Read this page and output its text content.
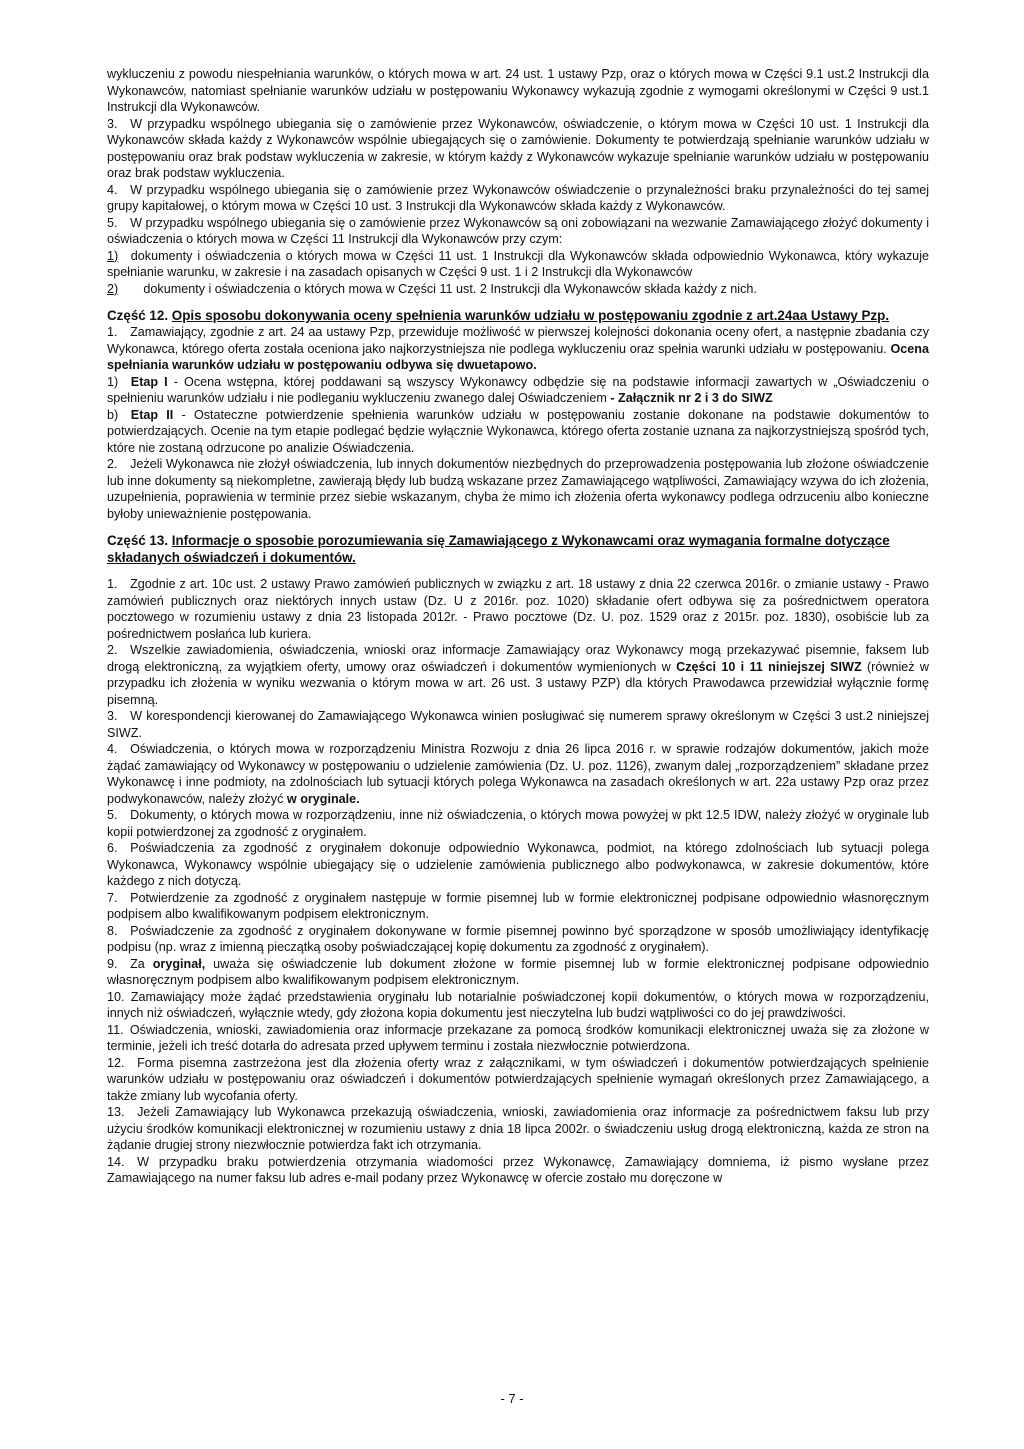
wykluczeniu z powodu niespełniania warunków, o których mowa w art. 24 ust. 1 ustawy Pzp, oraz o których mowa w Części 9.1 ust.2 Instrukcji dla Wykonawców, natomiast spełnianie warunków udziału w postępowaniu Wykonawcy wykazują zgodnie z wymogami określonymi w Części 9 ust.1 Instrukcji dla Wykonawców.

3. W przypadku wspólnego ubiegania się o zamówienie przez Wykonawców, oświadczenie, o którym mowa w Części 10 ust. 1 Instrukcji dla Wykonawców składa każdy z Wykonawców wspólnie ubiegających się o zamówienie. Dokumenty te potwierdzają spełnianie warunków udziału w postępowaniu oraz brak podstaw wykluczenia w zakresie, w którym każdy z Wykonawców wykazuje spełnianie warunków udziału w postępowaniu oraz brak podstaw wykluczenia.

4. W przypadku wspólnego ubiegania się o zamówienie przez Wykonawców oświadczenie o przynależności braku przynależności do tej samej grupy kapitałowej, o którym mowa w Części 10 ust. 3 Instrukcji dla Wykonawców składa każdy z Wykonawców.

5. W przypadku wspólnego ubiegania się o zamówienie przez Wykonawców są oni zobowiązani na wezwanie Zamawiającego złożyć dokumenty i oświadczenia o których mowa w Części 11 Instrukcji dla Wykonawców przy czym:

1) dokumenty i oświadczenia o których mowa w Części 11 ust. 1 Instrukcji dla Wykonawców składa odpowiednio Wykonawca, który wykazuje spełnianie warunku, w zakresie i na zasadach opisanych w Części 9 ust. 1 i 2 Instrukcji dla Wykonawców

2)  dokumenty i oświadczenia o których mowa w Części 11 ust. 2 Instrukcji dla Wykonawców składa każdy z nich.

Część 12. Opis sposobu dokonywania oceny spełnienia warunków udziału w postępowaniu zgodnie z art.24aa Ustawy Pzp.

1. Zamawiający, zgodnie z art. 24 aa ustawy Pzp, przewiduje możliwość w pierwszej kolejności dokonania oceny ofert, a następnie zbadania czy Wykonawca, którego oferta została oceniona jako najkorzystniejsza nie podlega wykluczeniu oraz spełnia warunki udziału w postępowaniu. Ocena spełniania warunków udziału w postępowaniu odbywa się dwuetapowo.

1) Etap I - Ocena wstępna, której poddawani są wszyscy Wykonawcy odbędzie się na podstawie informacji zawartych w „Oświadczeniu o spełnieniu warunków udziału i nie podleganiu wykluczeniu zwanego dalej Oświadczeniem - Załącznik nr 2 i 3 do SIWZ

b) Etap II - Ostateczne potwierdzenie spełnienia warunków udziału w postępowaniu zostanie dokonane na podstawie dokumentów to potwierdzających. Ocenie na tym etapie podlegać będzie wyłącznie Wykonawca, którego oferta zostanie uznana za najkorzystniejszą spośród tych, które nie zostaną odrzucone po analizie Oświadczenia.

2. Jeżeli Wykonawca nie złożył oświadczenia, lub innych dokumentów niezbędnych do przeprowadzenia postępowania lub złożone oświadczenie lub inne dokumenty są niekompletne, zawierają błędy lub budzą wskazane przez Zamawiającego wątpliwości, Zamawiający wzywa do ich złożenia, uzupełnienia, poprawienia w terminie przez siebie wskazanym, chyba że mimo ich złożenia oferta wykonawcy podlega odrzuceniu albo konieczne byłoby unieważnienie postępowania.

Część 13. Informacje o sposobie porozumiewania się Zamawiającego z Wykonawcami oraz wymagania formalne dotyczące składanych oświadczeń i dokumentów.

1. Zgodnie z art. 10c ust. 2 ustawy Prawo zamówień publicznych w związku z art. 18 ustawy z dnia 22 czerwca 2016r. o zmianie ustawy - Prawo zamówień publicznych oraz niektórych innych ustaw (Dz. U z 2016r. poz. 1020) składanie ofert odbywa się za pośrednictwem operatora pocztowego w rozumieniu ustawy z dnia 23 listopada 2012r. - Prawo pocztowe (Dz. U. poz. 1529 oraz z 2015r. poz. 1830), osobiście lub za pośrednictwem posłańca lub kuriera.

2. Wszelkie zawiadomienia, oświadczenia, wnioski oraz informacje Zamawiający oraz Wykonawcy mogą przekazywać pisemnie, faksem lub drogą elektroniczną, za wyjątkiem oferty, umowy oraz oświadczeń i dokumentów wymienionych w Części 10 i 11 niniejszej SIWZ (również w przypadku ich złożenia w wyniku wezwania o którym mowa w art. 26 ust. 3 ustawy PZP) dla których Prawodawca przewidział wyłącznie formę pisemną.

3. W korespondencji kierowanej do Zamawiającego Wykonawca winien posługiwać się numerem sprawy określonym w Części 3 ust.2 niniejszej SIWZ.

4. Oświadczenia, o których mowa w rozporządzeniu Ministra Rozwoju z dnia 26 lipca 2016 r. w sprawie rodzajów dokumentów, jakich może żądać zamawiający od Wykonawcy w postępowaniu o udzielenie zamówienia (Dz. U. poz. 1126), zwanym dalej „rozporządzeniem” składane przez Wykonawcę i inne podmioty, na zdolnościach lub sytuacji których polega Wykonawca na zasadach określonych w art. 22a ustawy Pzp oraz przez podwykonawców, należy złożyć w oryginale.

5. Dokumenty, o których mowa w rozporządzeniu, inne niż oświadczenia, o których mowa powyżej w pkt 12.5 IDW, należy złożyć w oryginale lub kopii potwierdzonej za zgodność z oryginałem.

6. Poświadczenia za zgodność z oryginałem dokonuje odpowiednio Wykonawca, podmiot, na którego zdolnościach lub sytuacji polega Wykonawca, Wykonawcy wspólnie ubiegający się o udzielenie zamówienia publicznego albo podwykonawca, w zakresie dokumentów, które każdego z nich dotyczą.

7. Potwierdzenie za zgodność z oryginałem następuje w formie pisemnej lub w formie elektronicznej podpisane odpowiednio własnoręcznym podpisem albo kwalifikowanym podpisem elektronicznym.

8. Poświadczenie za zgodność z oryginałem dokonywane w formie pisemnej powinno być sporządzone w sposób umożliwiający identyfikację podpisu (np. wraz z imienną pieczątką osoby poświadczającej kopię dokumentu za zgodność z oryginałem).

9. Za oryginał, uważa się oświadczenie lub dokument złożone w formie pisemnej lub w formie elektronicznej podpisane odpowiednio własnoręcznym podpisem albo kwalifikowanym podpisem elektronicznym.

10. Zamawiający może żądać przedstawienia oryginału lub notarialnie poświadczonej kopii dokumentów, o których mowa w rozporządzeniu, innych niż oświadczeń, wyłącznie wtedy, gdy złożona kopia dokumentu jest nieczytelna lub budzi wątpliwości co do jej prawdziwości.

11. Oświadczenia, wnioski, zawiadomienia oraz informacje przekazane za pomocą środków komunikacji elektronicznej uważa się za złożone w terminie, jeżeli ich treść dotarła do adresata przed upływem terminu i została niezwłocznie potwierdzona.

12. Forma pisemna zastrzeżona jest dla złożenia oferty wraz z załącznikami, w tym oświadczeń i dokumentów potwierdzających spełnienie warunków udziału w postępowaniu oraz oświadczeń i dokumentów potwierdzających spełnienie wymagań określonych przez Zamawiającego, a także zmiany lub wycofania oferty.

13. Jeżeli Zamawiający lub Wykonawca przekazują oświadczenia, wnioski, zawiadomienia oraz informacje za pośrednictwem faksu lub przy użyciu środków komunikacji elektronicznej w rozumieniu ustawy z dnia 18 lipca 2002r. o świadczeniu usług drogą elektroniczną, każda ze stron na żądanie drugiej strony niezwłocznie potwierdza fakt ich otrzymania.

14. W przypadku braku potwierdzenia otrzymania wiadomości przez Wykonawcę, Zamawiający domniema, iż pismo wysłane przez Zamawiającego na numer faksu lub adres e-mail podany przez Wykonawcę w ofercie zostało mu doręczone w

- 7 -
